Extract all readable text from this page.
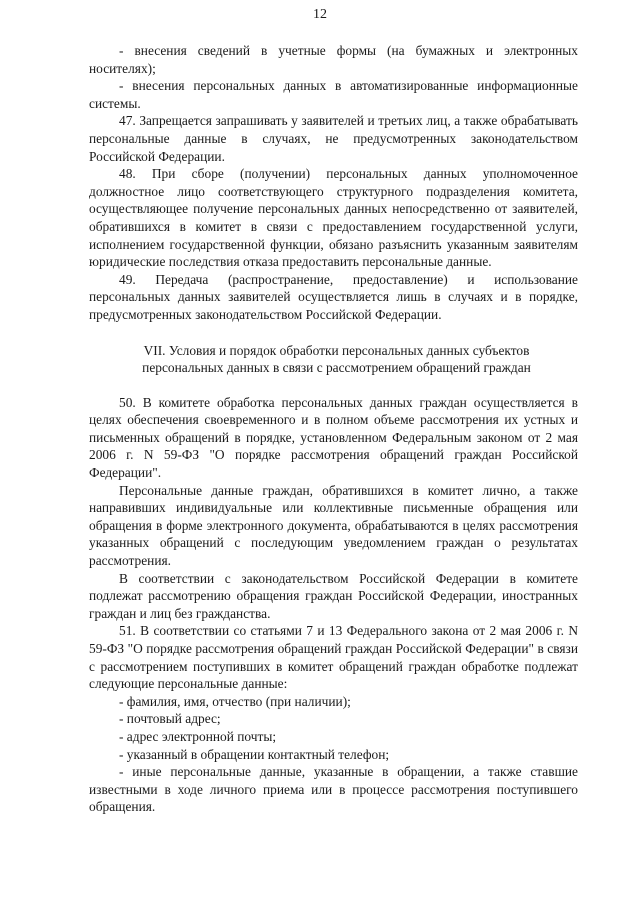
12

- внесения сведений в учетные формы (на бумажных и электронных носителях);

- внесения персональных данных в автоматизированные информационные системы.

47. Запрещается запрашивать у заявителей и третьих лиц, а также обрабатывать персональные данные в случаях, не предусмотренных законодательством Российской Федерации.

48. При сборе (получении) персональных данных уполномоченное должностное лицо соответствующего структурного подразделения комитета, осуществляющее получение персональных данных непосредственно от заявителей, обратившихся в комитет в связи с предоставлением государственной услуги, исполнением государственной функции, обязано разъяснить указанным заявителям юридические последствия отказа предоставить персональные данные.

49. Передача (распространение, предоставление) и использование персональных данных заявителей осуществляется лишь в случаях и в порядке, предусмотренных законодательством Российской Федерации.

VII. Условия и порядок обработки персональных данных субъектов

персональных данных в связи с рассмотрением обращений граждан

50. В комитете обработка персональных данных граждан осуществляется в целях обеспечения своевременного и в полном объеме рассмотрения их устных и письменных обращений в порядке, установленном Федеральным законом от 2 мая 2006 г. N 59-ФЗ "О порядке рассмотрения обращений граждан Российской Федерации".

Персональные данные граждан, обратившихся в комитет лично, а также направивших индивидуальные или коллективные письменные обращения или обращения в форме электронного документа, обрабатываются в целях рассмотрения указанных обращений с последующим уведомлением граждан о результатах рассмотрения.

В соответствии с законодательством Российской Федерации в комитете подлежат рассмотрению обращения граждан Российской Федерации, иностранных граждан и лиц без гражданства.

51. В соответствии со статьями 7 и 13 Федерального закона от 2 мая 2006 г. N 59-ФЗ "О порядке рассмотрения обращений граждан Российской Федерации" в связи с рассмотрением поступивших в комитет обращений граждан обработке подлежат следующие персональные данные:

- фамилия, имя, отчество (при наличии);

- почтовый адрес;

- адрес электронной почты;

- указанный в обращении контактный телефон;

- иные персональные данные, указанные в обращении, а также ставшие известными в ходе личного приема или в процессе рассмотрения поступившего обращения.
